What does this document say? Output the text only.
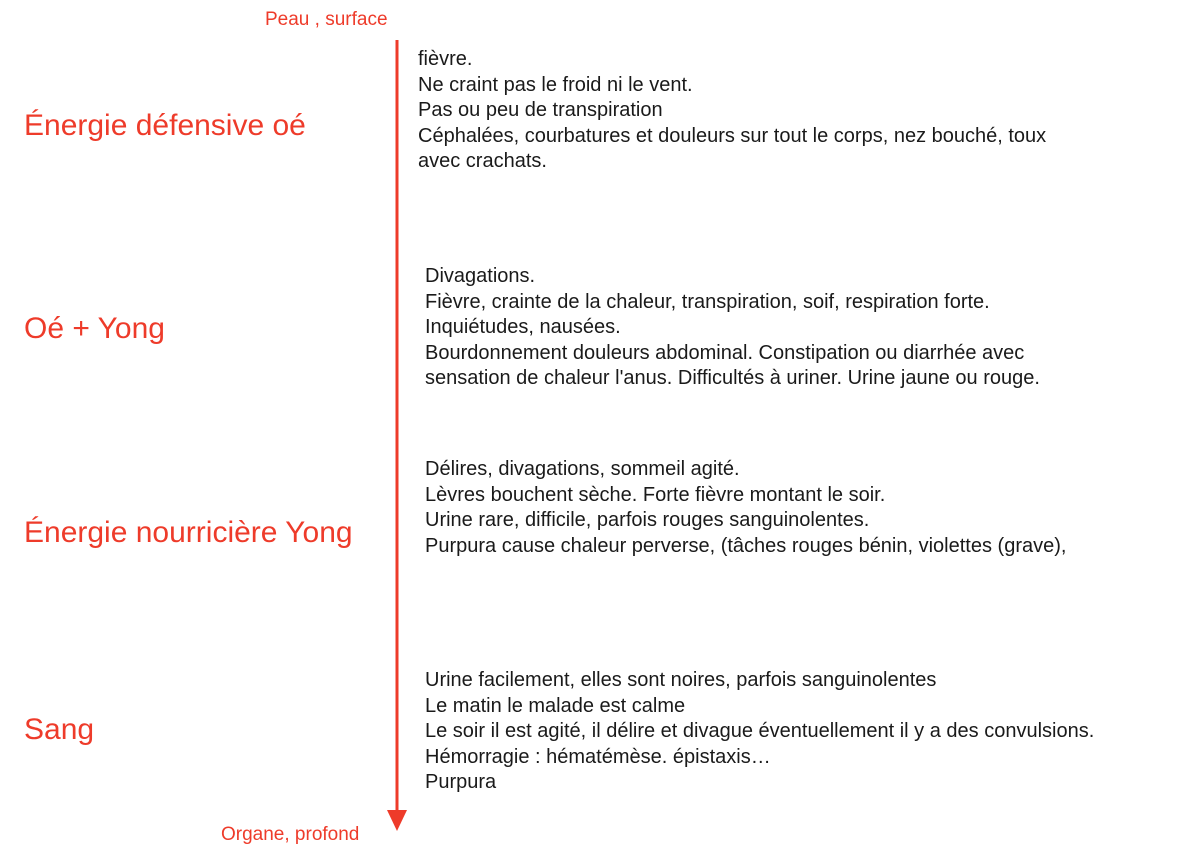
Peau , surface
Organe, profond
Énergie défensive oé
fièvre.
Ne craint pas le froid ni le vent.
Pas ou peu de transpiration
Céphalées, courbatures et douleurs sur tout le corps, nez bouché, toux
avec crachats.
Oé + Yong
Divagations.
Fièvre, crainte de la chaleur, transpiration, soif, respiration forte.
Inquiétudes, nausées.
Bourdonnement douleurs abdominal. Constipation ou diarrhée avec
sensation de chaleur l'anus. Difficultés à uriner. Urine jaune ou rouge.
Énergie nourricière Yong
Délires, divagations, sommeil agité.
Lèvres bouchent sèche. Forte fièvre montant le soir.
Urine rare, difficile, parfois rouges sanguinolentes.
Purpura cause chaleur perverse, (tâches rouges bénin, violettes (grave),
Sang
Urine facilement, elles sont noires, parfois sanguinolentes
Le matin le malade est calme
Le soir il est agité, il délire et divague éventuellement il y a des convulsions.
Hémorragie : hématémèse. épistaxis…
Purpura
